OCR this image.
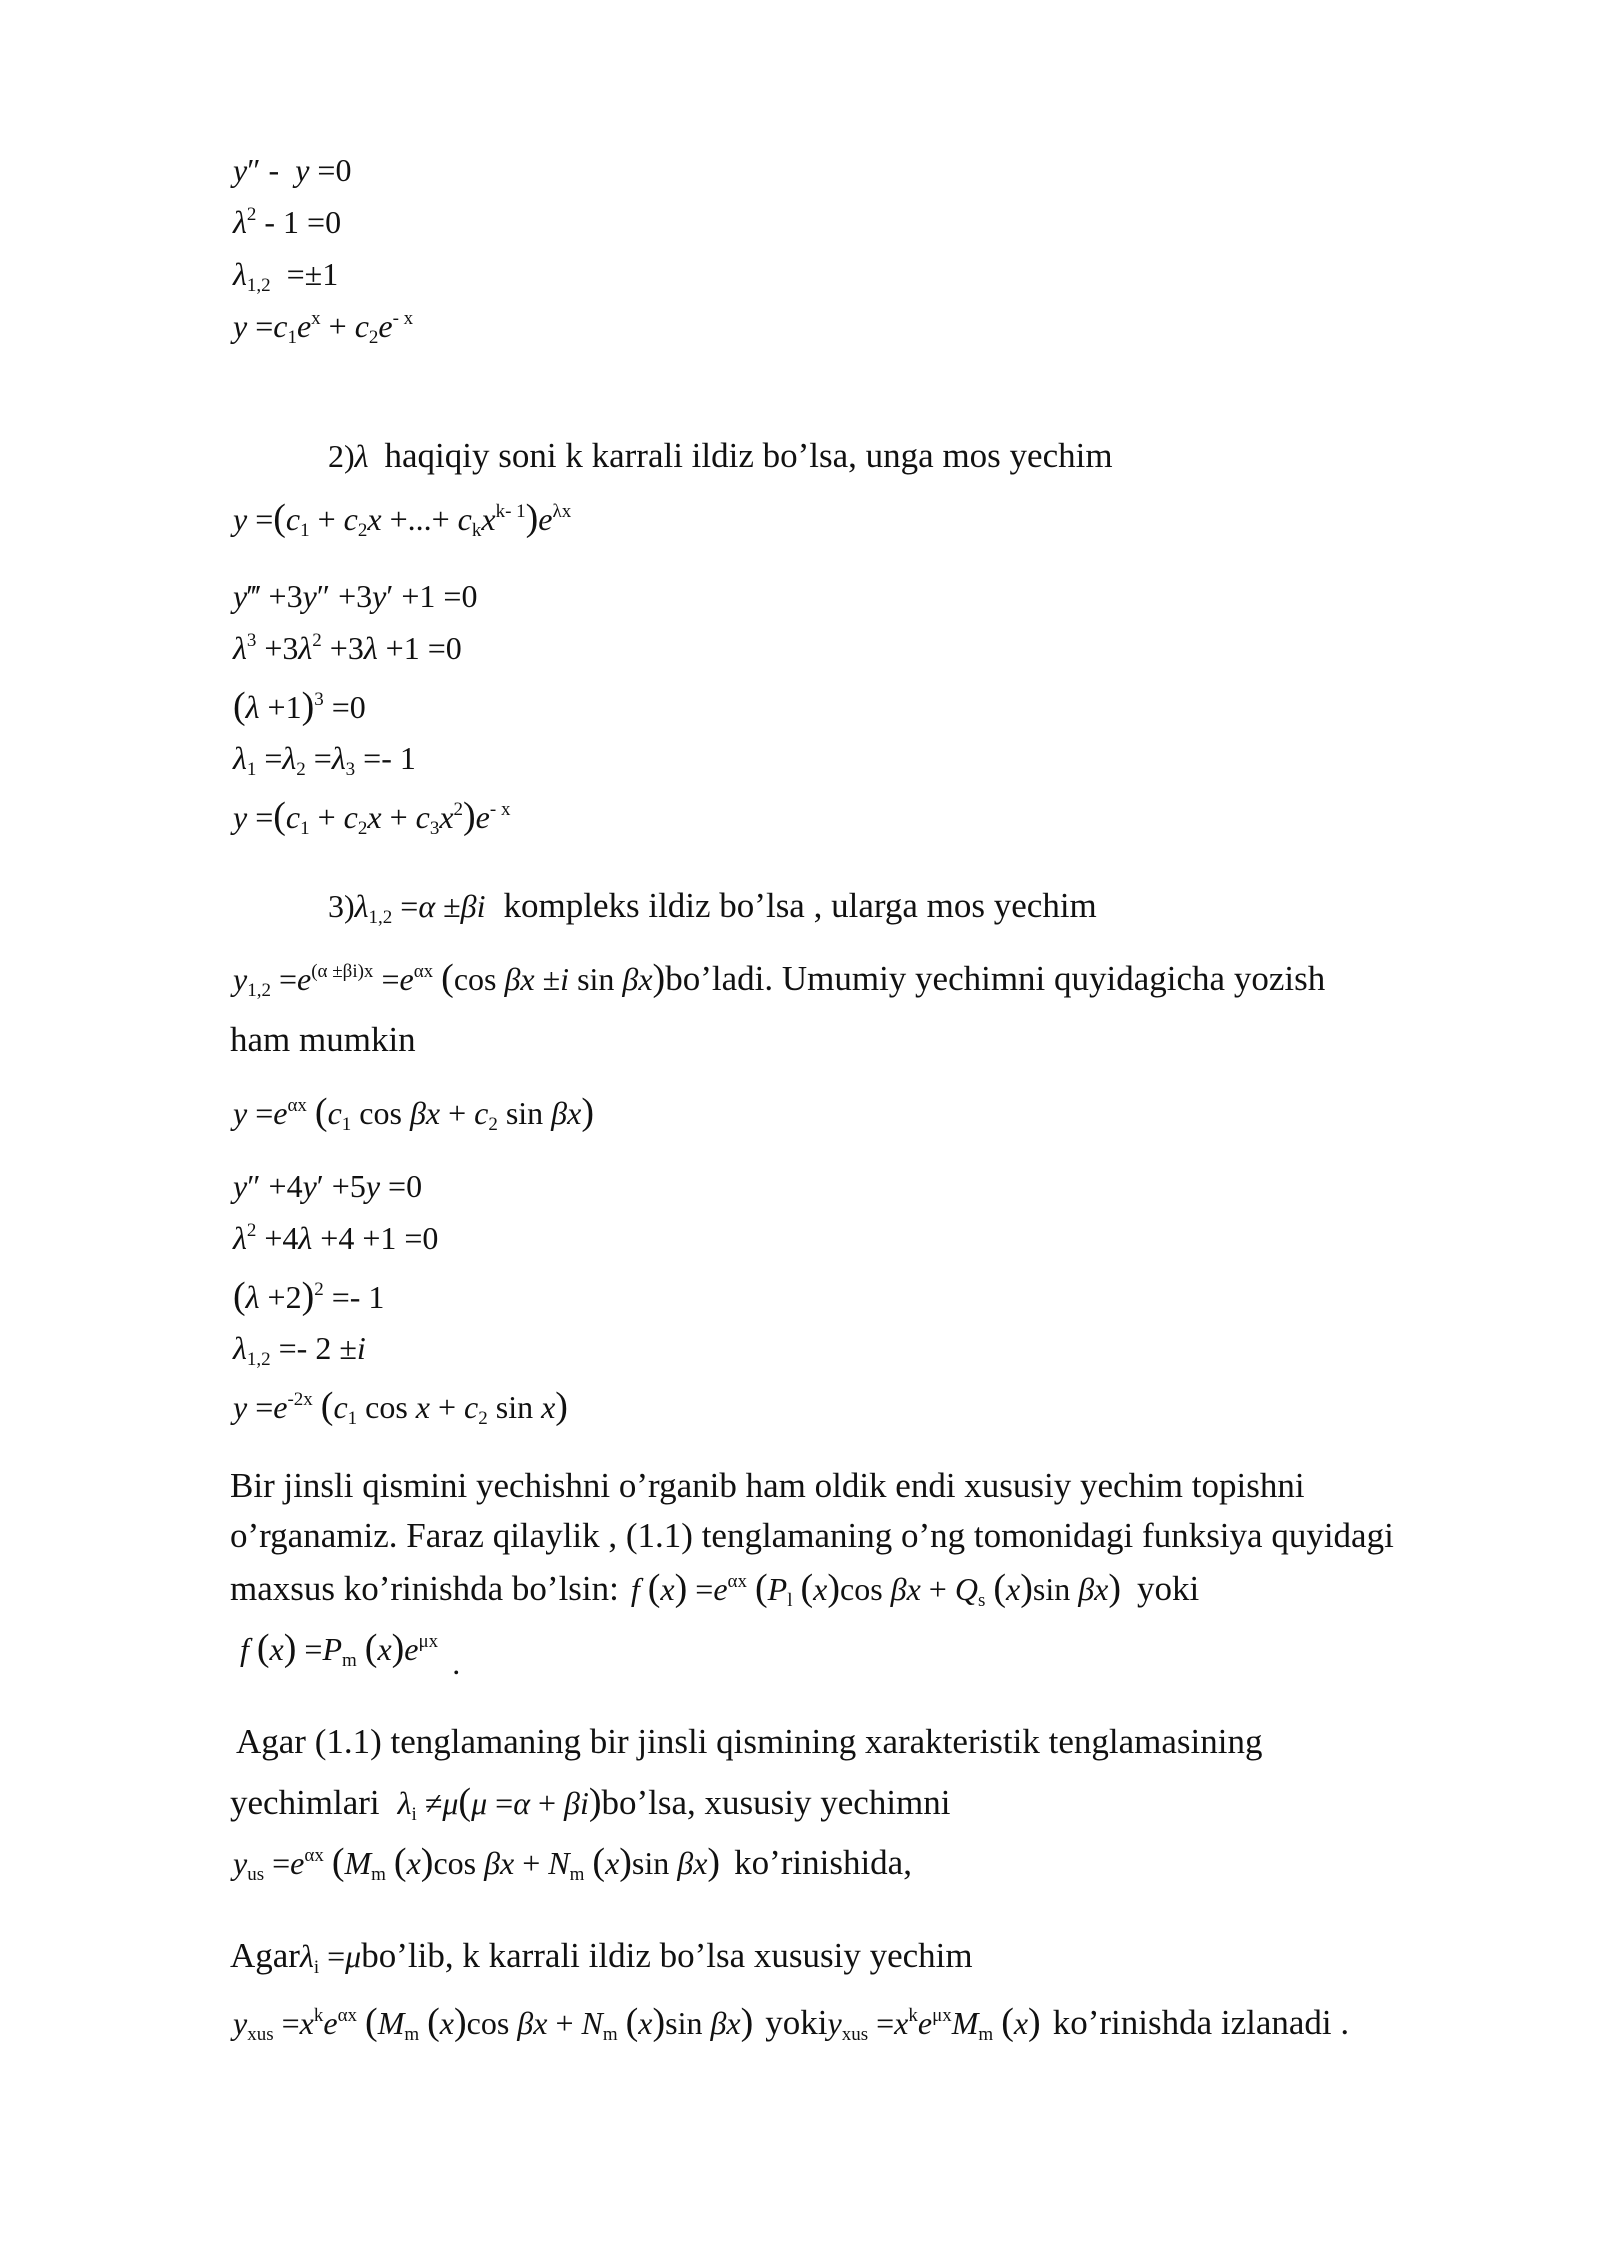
y″ -  y =0
$\lambda^2 - 1 =0$
$\lambda_{1,2} =\pm 1$
$y =c_1e^x + c_2e^{- x}$
2)λ haqiqiy soni k karrali ildiz bo’lsa, unga mos yechim
$y =(c_1 + c_2x$ +...+ $c_kx^{k- 1})e^{\lambda x}$
y‴ +3y″ +3y′ +1 =0
$\lambda^3 +3\lambda^2 +3\lambda +1 =0$
$(\lambda +1)^3 =0$
$\lambda_1 =\lambda_2 =\lambda_3 =- 1$
$y =(c_1 + c_2x + c_3x^2)e^{- x}$
$3)\lambda_{1,2} =\alpha \pm\beta i$ kompleks ildiz bo’lsa , ularga mos yechim
$y_{1,2} =e^{(\alpha \pm\beta i)x} =e^{\alpha x}$ (cos βx ±i sin βx)bo’ladi. Umumiy yechimni quyidagicha yozish
ham mumkin
$y =e^{\alpha x}$ ($c_1$ $\cos \beta x + c_2$ sin βx)
y″ +4y′ +5y =0
$\lambda^2 +4\lambda +4 +1 =0$
$(\lambda +2)^2 =- 1$
$\lambda_{1,2} =- 2 \pm i$
$y =e^{-2x}$ ($c_1$ $\cos x + c_2$ sin x)
Bir jinsli qismini yechishni o’rganib ham oldik endi xususiy yechim topishni
o’rganamiz. Faraz qilaylik , (1.1) tenglamaning o’ng tomonidagi funksiya quyidagi
maxsus ko’rinishda bo’lsin: f $(x) =e^{\alpha x}$ ($P_l$ (x)cos $\beta x + Q_s$ (x)sin βx) yoki
f $(x) =P_m$ $(x)e^{\mu x}$ .
Agar (1.1) tenglamaning bir jinsli qismining xarakteristik tenglamasining
yechimlari $\lambda_i \ne\mu(\mu =\alpha$ + βi)bo’lsa, xususiy yechimni
$y_{us} =e^{\alpha x}$ ($M_m$ (x)cos $\beta x + N_m$ (x)sin βx) ko’rinishida,
Agarλ$_i$ =μbo’lib, k karrali ildiz bo’lsa xususiy yechim
$y_{xus} =x^ke^{\alpha x}$ ($M_m$ (x)cos $\beta x + N_m$ (x)sin βx) yokiy$_{xus}$ $=x^ke^{\mu x}M_m$ (x) ko’rinishda izlanadi .
